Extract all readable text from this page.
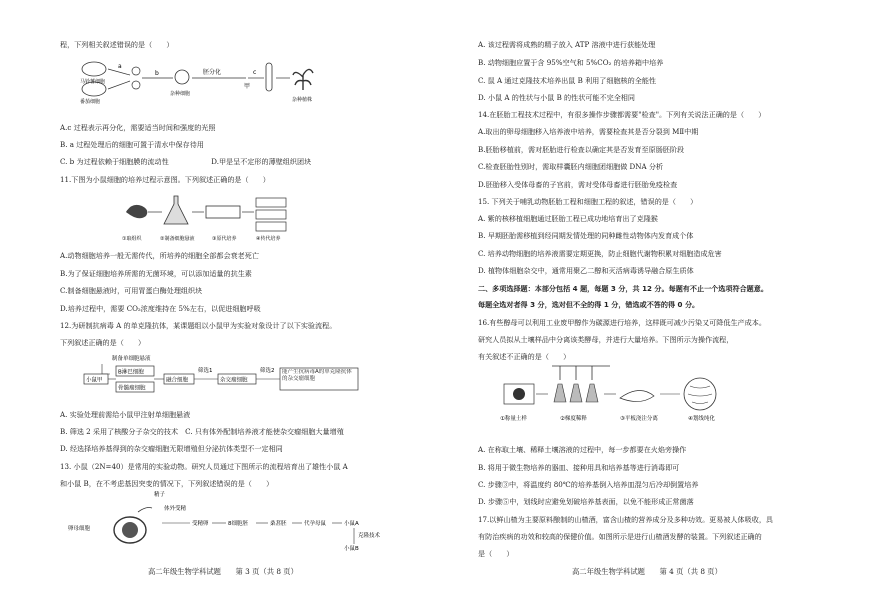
程，下列相关叙述错误的是（　　）
马铃薯细胞
番茄细胞
a
b
杂种细胞
胚分化
甲
c
杂种植株
A.c 过程表示再分化，需要适当时间和强度的光照
B. a 过程处理后的细胞可置于清水中保存待用
C. b 为过程依赖于细胞膜的流动性　　　　　　D.甲是呈不定形的薄壁组织团块
11.下图为小鼠细胞的培养过程示意图。下列叙述正确的是（　　）
①取组织	②制备细胞悬液	③原代培养	④传代培养
A.动物细胞培养一般无需传代，所培养的细胞全部都会衰老死亡
B.为了保证细胞培养所需的无菌环境，可以添加适量的抗生素
C.制备细胞悬液时，可用胃蛋白酶处理组织块
D.培养过程中，需要 CO₂浓度维持在 5%左右，以促进细胞呼吸
12.为研制抗病毒 A 的单克隆抗体，某课题组以小鼠甲为实验对象设计了以下实验流程。
下列叙述正确的是（　　）
制备单细胞悬液
小鼠甲
B淋巴细胞
骨髓瘤细胞
融合细胞
筛选1
杂交瘤细胞
筛选2 能产生抗病毒A的单克隆抗体的杂交瘤细胞
A. 实验处理前需给小鼠甲注射单细胞悬液
B. 筛选 2 采用了核酸分子杂交的技术　C. 只有体外配制培养液才能使杂交瘤细胞大量增殖
D. 经选择培养基得到的杂交瘤细胞无限增殖但分泌抗体类型不一定相同
13. 小鼠（2N=40）是常用的实验动物。研究人员通过下图所示的流程培育出了雄性小鼠 A
和小鼠 B，在不考虑基因突变的情况下，下列叙述错误的是（　　）
卵母细胞
精子
体外受精
受精卵	8细胞胚	桑葚胚	代孕母鼠	小鼠A
克隆技术
小鼠B
高二年级生物学科试题　　第 3 页（共 8 页）
A. 该过程需将成熟的精子放入 ATP 溶液中进行获能处理
B. 动物细胞应置于含 95%空气和 5%CO₂ 的培养箱中培养
C. 鼠 A 通过克隆技术培养出鼠 B 利用了细胞核的全能性
D. 小鼠 A 的性状与小鼠 B 的性状可能不完全相同
14.在胚胎工程技术过程中，有很多操作步骤都需要"检查"。下列有关说法正确的是（　　）
A.取出的卵母细胞移入培养液中培养，需要检查其是否分裂到 MⅡ中期
B.胚胎移植前，需对胚胎进行检查以确定其是否发育至原肠胚阶段
C.检查胚胎性别时，需取样囊胚内细胞团细胞做 DNA 分析
D.胚胎移入受体母畜的子宫前，需对受体母畜进行胚胎免疫检查
15. 下列关于哺乳动物胚胎工程和细胞工程的叙述，错误的是（　　）
A. 紫的核移植细胞通过胚胎工程已成功地培育出了克隆猴
B. 早期胚胎需移植到经同期发情处理的同种雌性动物体内发育成个体
C. 培养动物细胞的培养液需要定期更换，防止细胞代谢物积累对细胞造成危害
D. 植物体细胞杂交中，通常用聚乙二醇和灭活病毒诱导融合原生质体
二、多项选择题：本部分包括 4 题，每题 3 分，共 12 分。每题有不止一个选项符合题意。
每题全选对者得 3 分，选对但不全的得 1 分，错选或不答的得 0 分。
16.有些醇母可以利用工业废甲醇作为碳源进行培养，这样既可减少污染又可降低生产成本。
研究人员拟从土壤样品中分离该类酵母，并进行大量培养。下图所示为操作流程，
有关叙述不正确的是（　　）
①称量土样	②梯度稀释	③平板浇注分离	④划线纯化
A. 在称取土壤、稀释土壤溶液的过程中，每一步都要在火焰旁操作
B. 将用于微生物培养的器皿、接种用具和培养基等进行消毒即可
C. 步骤③中，将温度约 80℃的培养基倒入培养皿混匀后冷却倒置培养
D. 步骤⑤中，划线时应避免划破培养基表面，以免不能形成正常菌落
17.以鲜山楂为主要原料酿制的山楂酒，富含山楂的营养成分及多种功效。更易被人体吸收，具
有防治疾病的功效和较高的保健价值。如图所示是进行山楂酒发酵的装置。下列叙述正确的
是（　　）
高二年级生物学科试题　　第 4 页（共 8 页）
